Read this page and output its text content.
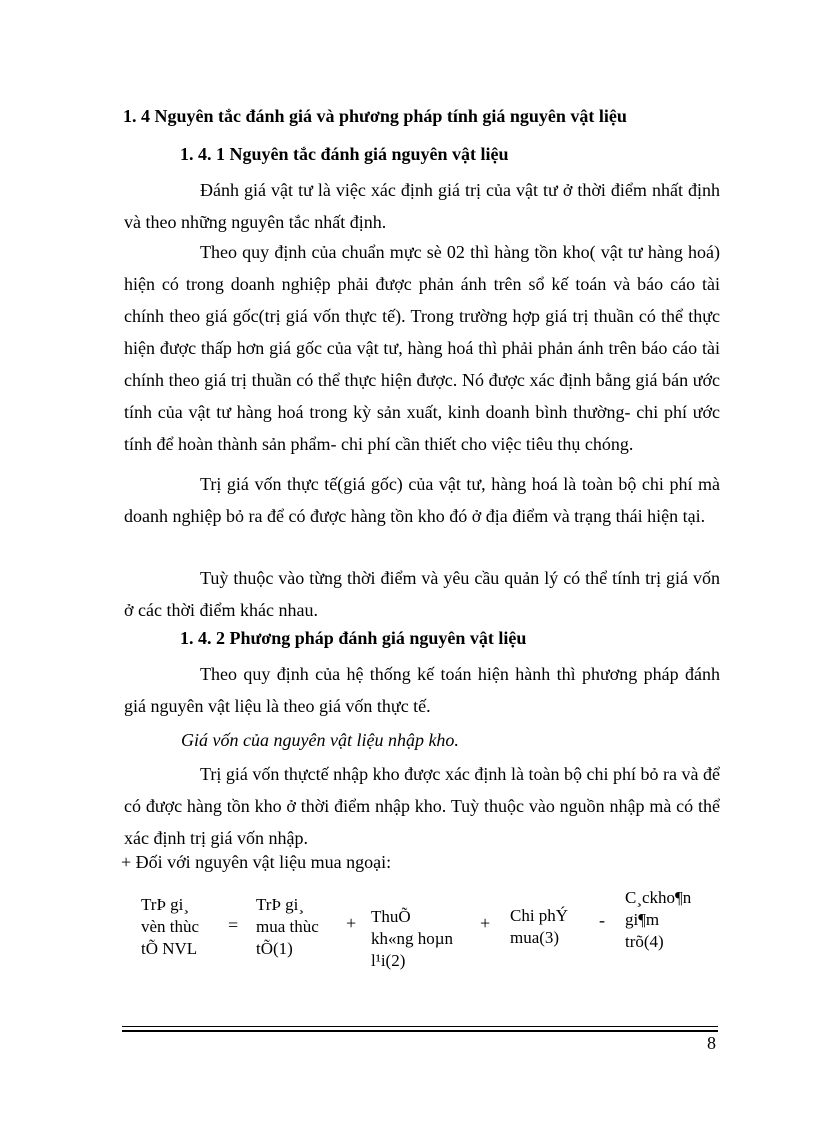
1. 4 Nguyên tắc đánh giá và phương pháp tính giá nguyên vật liệu
1. 4. 1 Nguyên tắc đánh giá nguyên vật liệu
Đánh giá vật tư là việc xác định giá trị của vật tư ở thời điểm nhất định và theo những nguyên tắc nhất định.
Theo quy định của chuẩn mực sè 02 thì hàng tồn kho( vật tư hàng hoá) hiện có trong doanh nghiệp phải được phản ánh trên sổ kế toán và báo cáo tài chính theo giá gốc(trị giá vốn thực tế). Trong trường hợp giá trị thuần có thể thực hiện được thấp hơn giá gốc của vật tư, hàng hoá thì phải phản ánh trên báo cáo tài chính theo giá trị thuần có thể thực hiện được. Nó được xác định bằng giá bán ước tính của vật tư hàng hoá trong kỳ sản xuất, kinh doanh bình thường- chi phí ước tính để hoàn thành sản phẩm- chi phí cần thiết cho việc tiêu thụ chóng.
Trị giá vốn thực tế(giá gốc) của vật tư, hàng hoá là toàn bộ chi phí mà doanh nghiệp bỏ ra để có được hàng tồn kho đó ở địa điểm và trạng thái hiện tại.
Tuỳ thuộc vào từng thời điểm và yêu cầu quản lý có thể tính trị giá vốn ở các thời điểm khác nhau.
1. 4. 2 Phương pháp đánh giá nguyên vật liệu
Theo quy định của hệ thống kế toán hiện hành thì phương pháp đánh giá nguyên vật liệu là theo giá vốn thực tế.
Giá vốn của nguyên vật liệu nhập kho.
Trị giá vốn thựctế nhập kho được xác định là toàn bộ chi phí bỏ ra và để có được hàng tồn kho ở thời điểm nhập kho. Tuỳ thuộc vào nguồn nhập mà có thể xác định trị giá vốn nhập.
+ Đối với nguyên vật liệu mua ngoại:
TrÞ gi¸
vèn thùc
tÕ NVL
=
TrÞ gi¸
mua thùc
tÕ(1)
+ ThuÕ
kh«ng hoµn
l¹i(2)
+ Chi phÝ
mua(3)
-
C¸ckho¶n
gi¶m
trõ(4)
8
